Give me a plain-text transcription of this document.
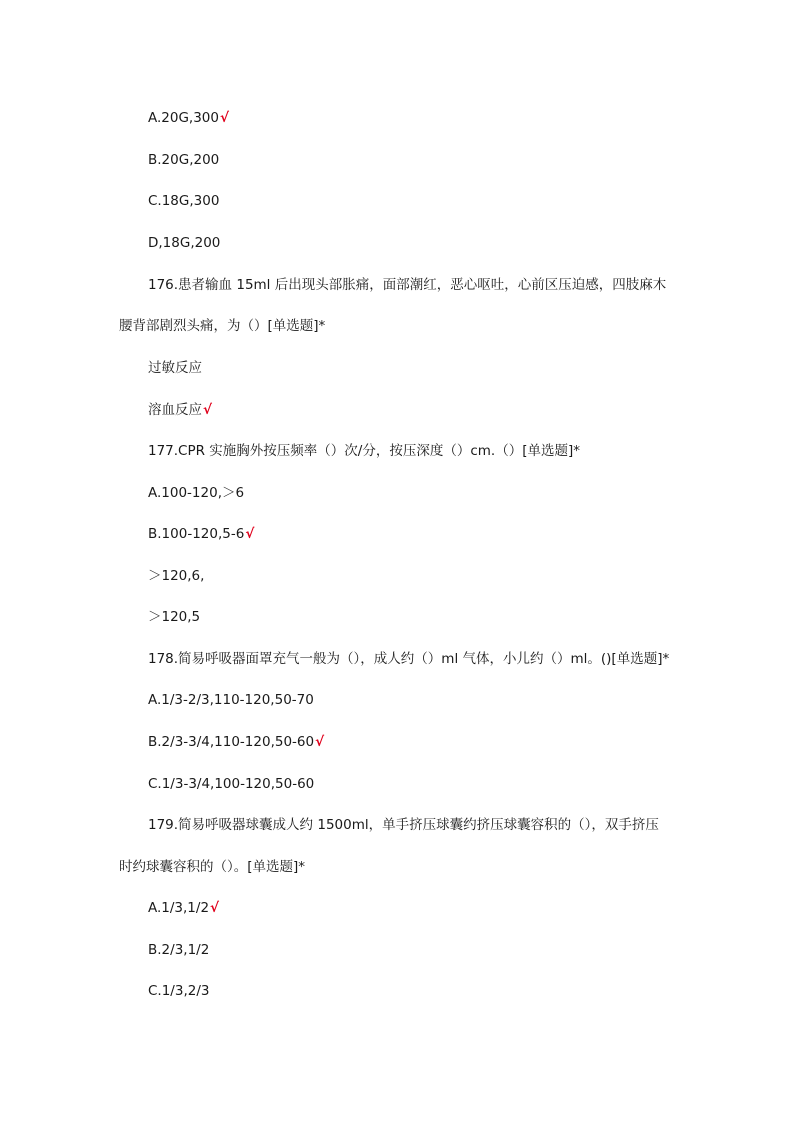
A.20G,300√
B.20G,200
C.18G,300
D,18G,200
176.患者输血 15ml 后出现头部胀痛，面部潮红，恶心呕吐，心前区压迫感，四肢麻木
腰背部剧烈头痛，为（）[单选题]*
过敏反应
溶血反应√
177.CPR 实施胸外按压频率（）次/分，按压深度（）cm.（）[单选题]*
A.100-120,＞6
B.100-120,5-6√
＞120,6,
＞120,5
178.简易呼吸器面罩充气一般为（），成人约（）ml 气体，小儿约（）ml。()[单选题]*
A.1/3-2/3,110-120,50-70
B.2/3-3/4,110-120,50-60√
C.1/3-3/4,100-120,50-60
179.简易呼吸器球囊成人约 1500ml，单手挤压球囊约挤压球囊容积的（），双手挤压
时约球囊容积的（）。[单选题]*
A.1/3,1/2√
B.2/3,1/2
C.1/3,2/3
